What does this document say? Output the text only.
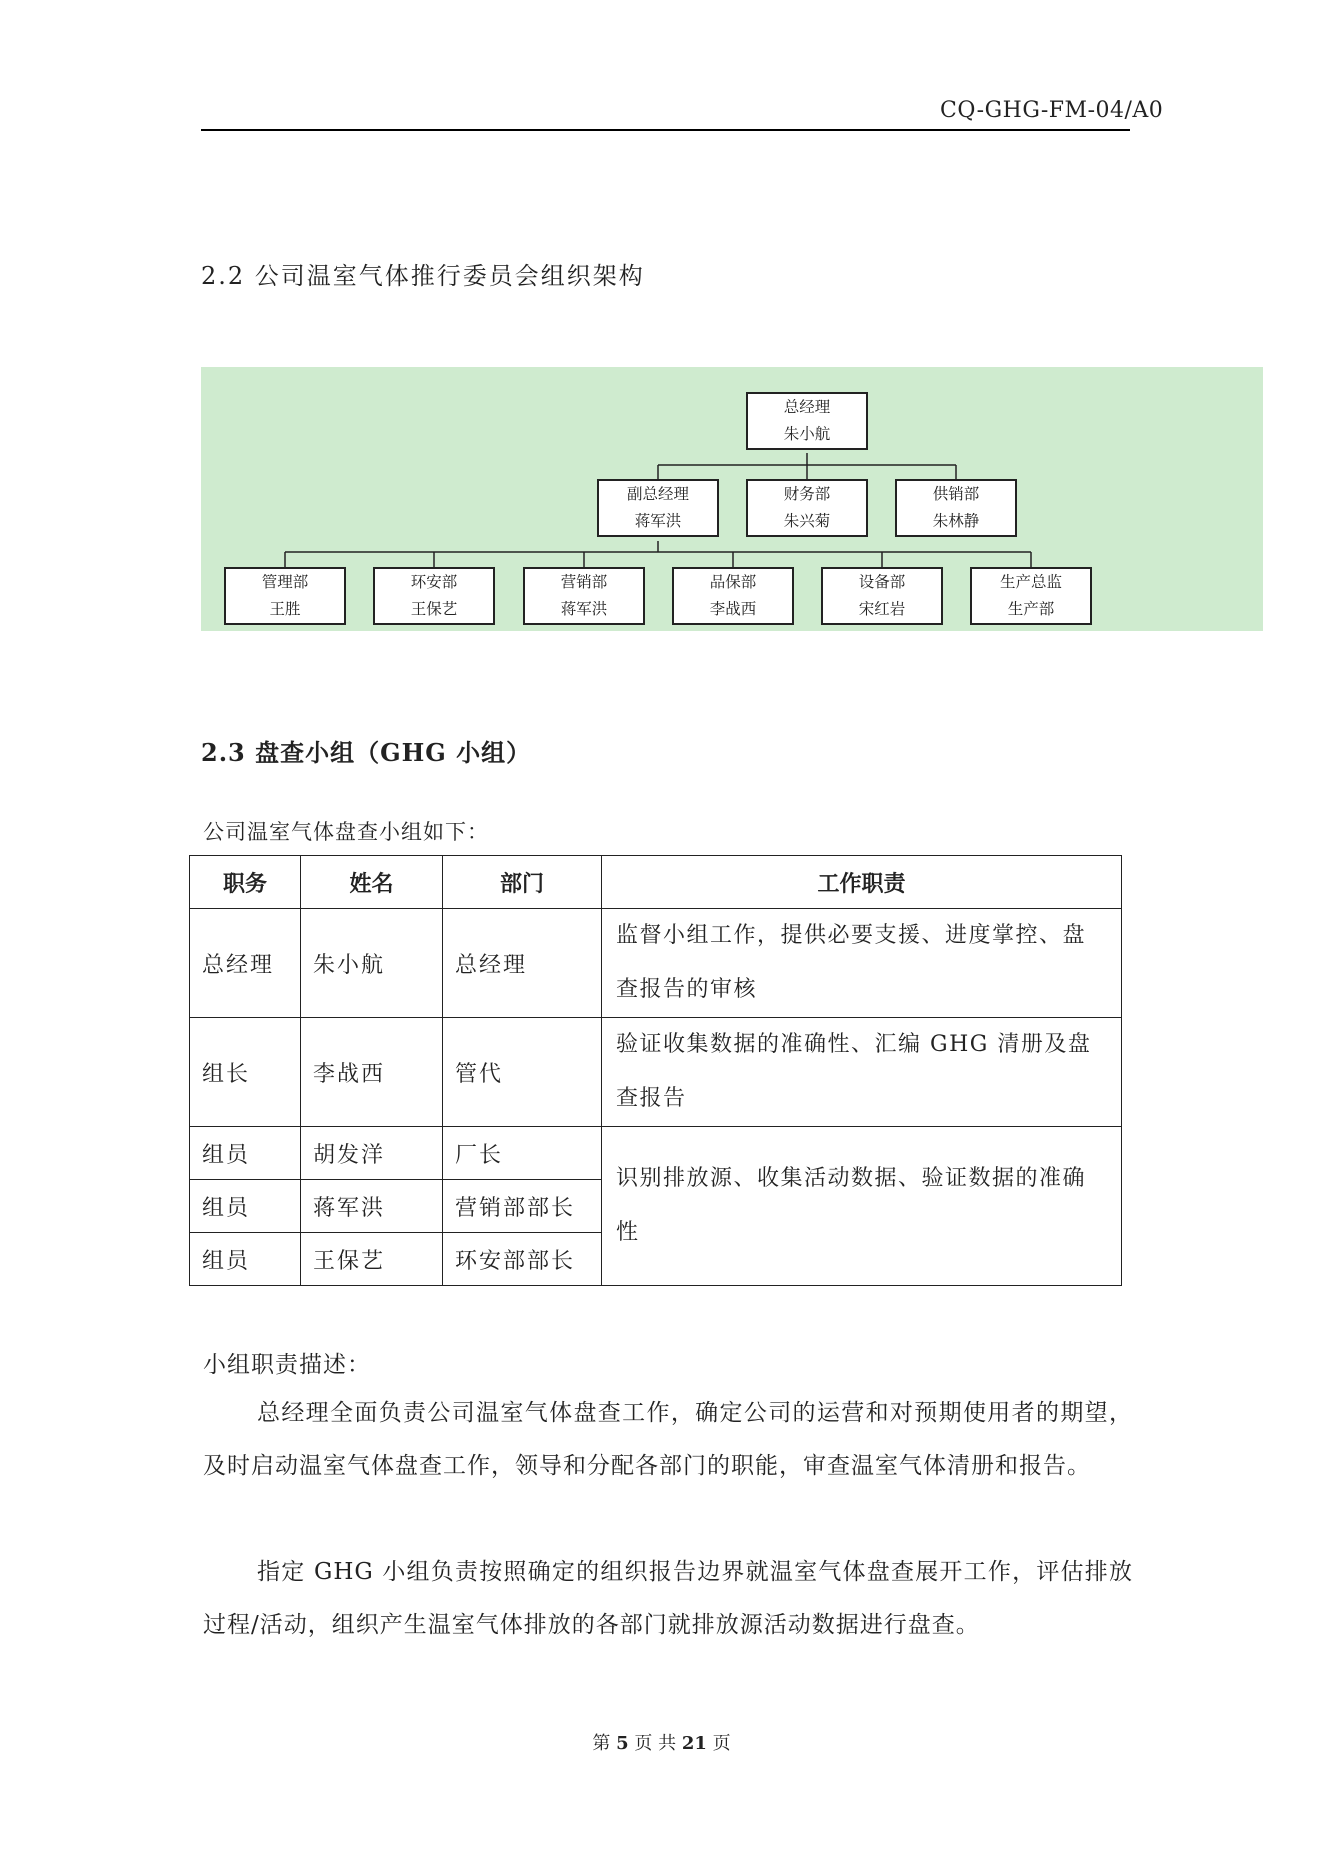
CQ-GHG-FM-04/A0
2.2 公司温室气体推行委员会组织架构
总经理
朱小航
副总经理
蒋军洪
财务部
朱兴菊
供销部
朱林静
管理部
王胜
环安部
王保艺
营销部
蒋军洪
品保部
李战西
设备部
宋红岩
生产总监
生产部
2.3 盘查小组（GHG 小组）
公司温室气体盘查小组如下：
职务	姓名	部门	工作职责
总经理	朱小航	总经理	监督小组工作，提供必要支援、进度掌控、盘查报告的审核
组长	李战西	管代	验证收集数据的准确性、汇编 GHG 清册及盘查报告
组员	胡发洋	厂长	识别排放源、收集活动数据、验证数据的准确性
组员	蒋军洪	营销部部长	
组员	王保艺	环安部部长	
小组职责描述：
总经理全面负责公司温室气体盘查工作，确定公司的运营和对预期使用者的期望，及时启动温室气体盘查工作，领导和分配各部门的职能，审查温室气体清册和报告。
指定 GHG 小组负责按照确定的组织报告边界就温室气体盘查展开工作，评估排放过程/活动，组织产生温室气体排放的各部门就排放源活动数据进行盘查。
第 5 页 共 21 页
